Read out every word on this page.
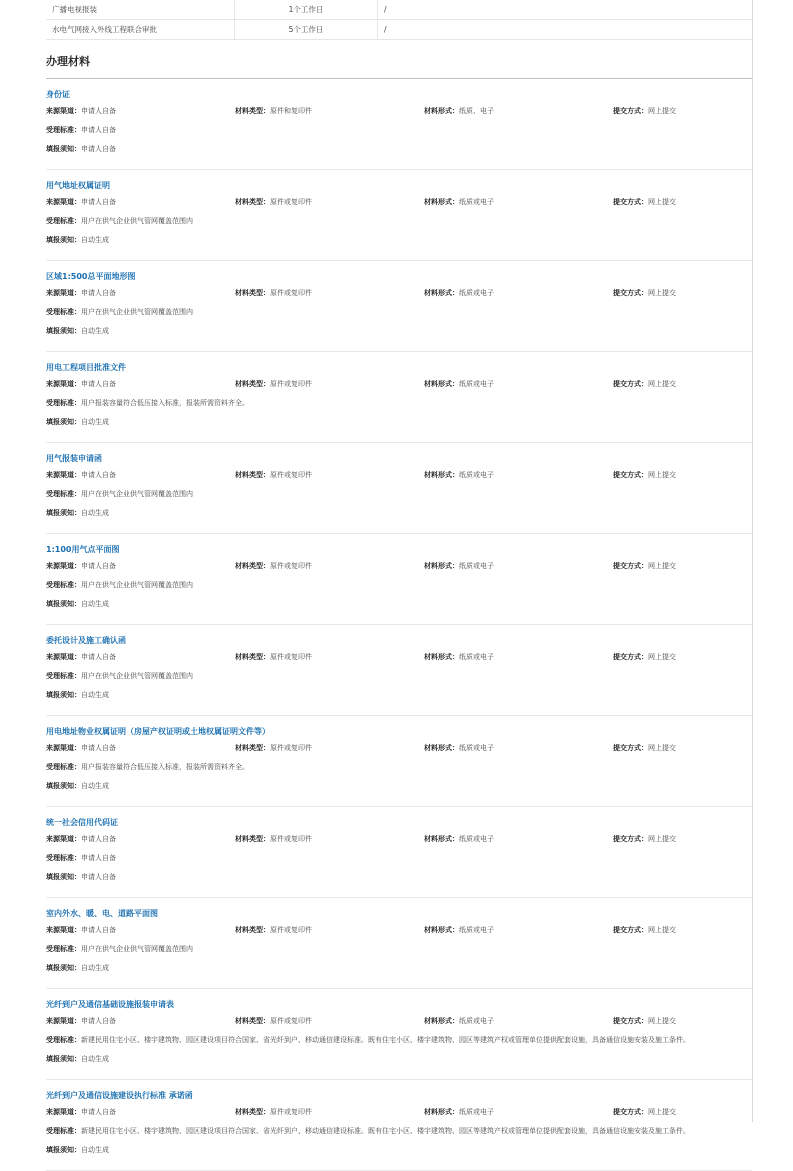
广播电视报装	1个工作日	/
水电气网接入外线工程联合审批	5个工作日	/
办理材料
身份证
来源渠道： 申请人自备	材料类型： 原件和复印件	材料形式： 纸质、电子	提交方式： 网上提交
受理标准： 申请人自备
填报须知： 申请人自备
用气地址权属证明
来源渠道： 申请人自备	材料类型： 原件或复印件	材料形式： 纸质或电子	提交方式： 网上提交
受理标准： 用户在供气企业供气管网覆盖范围内
填报须知： 自动生成
区域1:500总平面地形图
来源渠道： 申请人自备	材料类型： 原件或复印件	材料形式： 纸质或电子	提交方式： 网上提交
受理标准： 用户在供气企业供气管网覆盖范围内
填报须知： 自动生成
用电工程项目批准文件
来源渠道： 申请人自备	材料类型： 原件或复印件	材料形式： 纸质或电子	提交方式： 网上提交
受理标准： 用户报装容量符合低压接入标准，报装所需资料齐全。
填报须知： 自动生成
用气报装申请函
来源渠道： 申请人自备	材料类型： 原件或复印件	材料形式： 纸质或电子	提交方式： 网上提交
受理标准： 用户在供气企业供气管网覆盖范围内
填报须知： 自动生成
1:100用气点平面图
来源渠道： 申请人自备	材料类型： 原件或复印件	材料形式： 纸质或电子	提交方式： 网上提交
受理标准： 用户在供气企业供气管网覆盖范围内
填报须知： 自动生成
委托设计及施工确认函
来源渠道： 申请人自备	材料类型： 原件或复印件	材料形式： 纸质或电子	提交方式： 网上提交
受理标准： 用户在供气企业供气管网覆盖范围内
填报须知： 自动生成
用电地址物业权属证明（房屋产权证明或土地权属证明文件等）
来源渠道： 申请人自备	材料类型： 原件或复印件	材料形式： 纸质或电子	提交方式： 网上提交
受理标准： 用户报装容量符合低压接入标准，报装所需资料齐全。
填报须知： 自动生成
统一社会信用代码证
来源渠道： 申请人自备	材料类型： 原件或复印件	材料形式： 纸质或电子	提交方式： 网上提交
受理标准： 申请人自备
填报须知： 申请人自备
室内外水、暖、电、道路平面图
来源渠道： 申请人自备	材料类型： 原件或复印件	材料形式： 纸质或电子	提交方式： 网上提交
受理标准： 用户在供气企业供气管网覆盖范围内
填报须知： 自动生成
光纤到户及通信基础设施报装申请表
来源渠道： 申请人自备	材料类型： 原件或复印件	材料形式： 纸质或电子	提交方式： 网上提交
受理标准： 新建民用住宅小区、楼宇建筑物、园区建设项目符合国家、省光纤到户、移动通信建设标准。既有住宅小区、楼宇建筑物、园区等建筑产权或管理单位提供配套设施，具备通信设施安装及施工条件。
填报须知： 自动生成
光纤到户及通信设施建设执行标准 承诺函
来源渠道： 申请人自备	材料类型： 原件或复印件	材料形式： 纸质或电子	提交方式： 网上提交
受理标准： 新建民用住宅小区、楼宇建筑物、园区建设项目符合国家、省光纤到户、移动通信建设标准。既有住宅小区、楼宇建筑物、园区等建筑产权或管理单位提供配套设施，具备通信设施安装及施工条件。
填报须知： 自动生成
